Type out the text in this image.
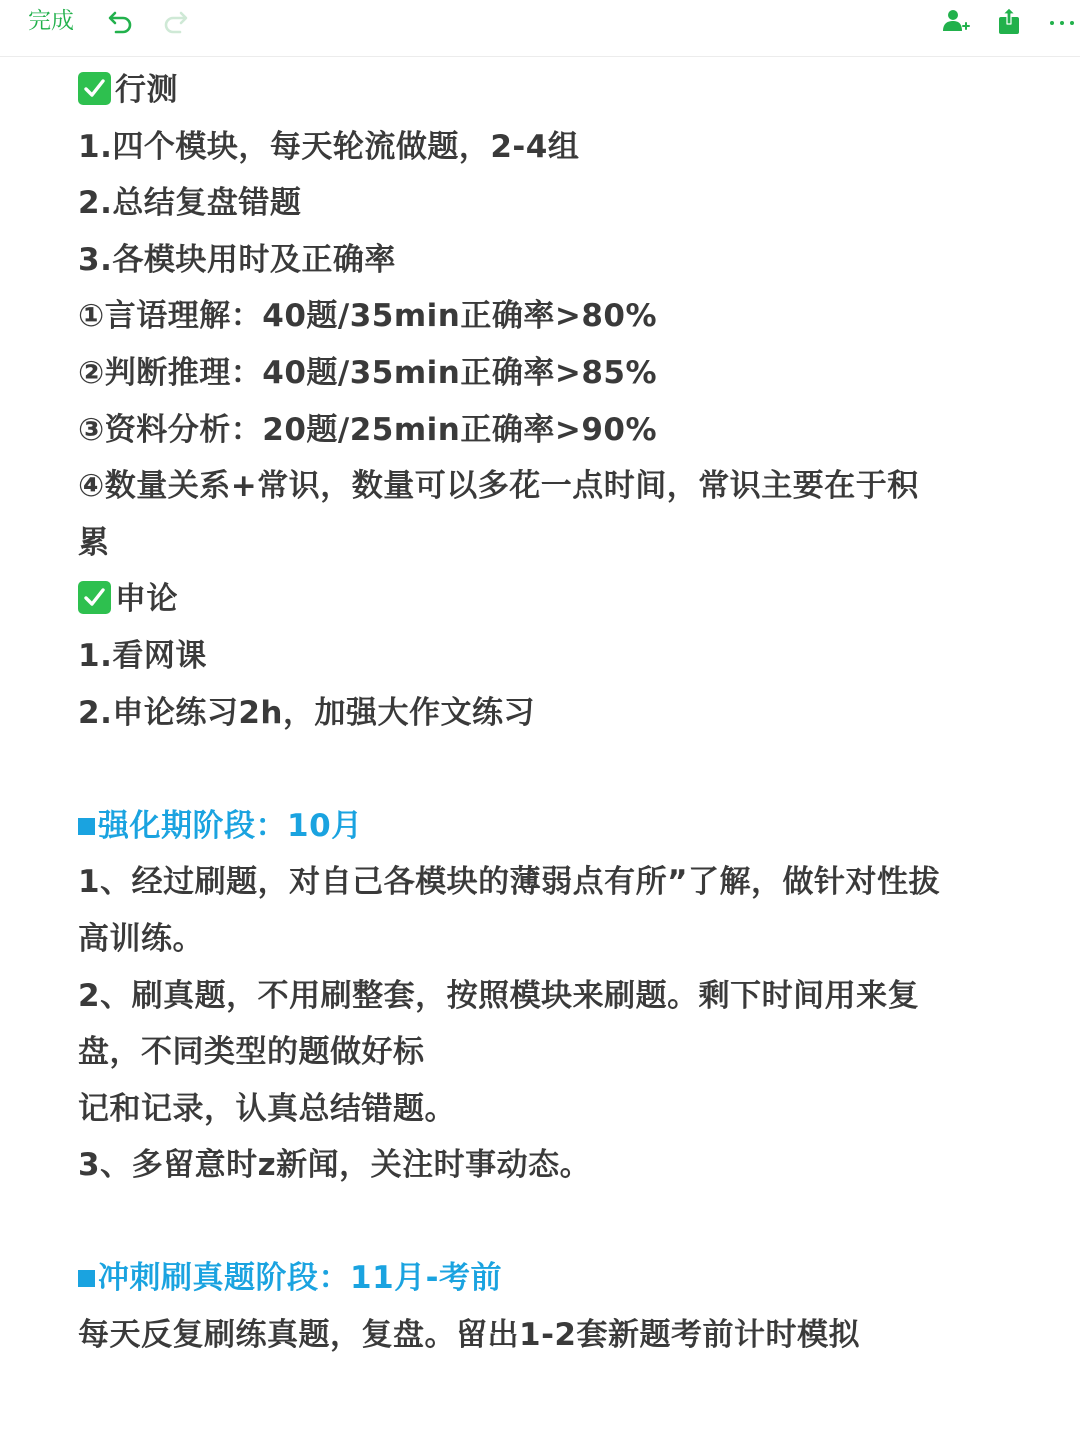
完成
行测
1.四个模块，每天轮流做题，2-4组
2.总结复盘错题
3.各模块用时及正确率
①言语理解：40题/35min正确率>80%
②判断推理：40题/35min正确率>85%
③资料分析：20题/25min正确率>90%
④数量关系+常识，数量可以多花一点时间，常识主要在于积
累
申论
1.看网课
2.申论练习2h，加强大作文练习
强化期阶段：10月
1、经过刷题，对自己各模块的薄弱点有所”了解，做针对性拔
高训练。
2、刷真题，不用刷整套，按照模块来刷题。剩下时间用来复
盘，不同类型的题做好标
记和记录，认真总结错题。
3、多留意时z新闻，关注时事动态。
冲刺刷真题阶段：11月-考前
每天反复刷练真题，复盘。留出1-2套新题考前计时模拟
